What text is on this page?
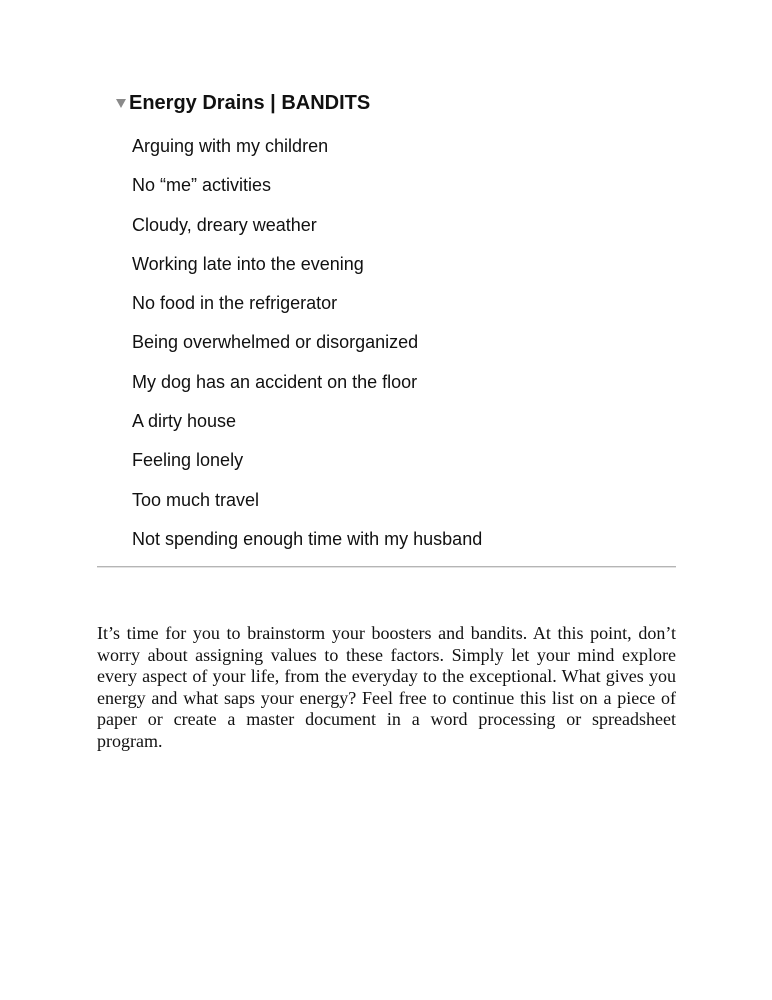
Energy Drains | BANDITS
Arguing with my children
No “me” activities
Cloudy, dreary weather
Working late into the evening
No food in the refrigerator
Being overwhelmed or disorganized
My dog has an accident on the floor
A dirty house
Feeling lonely
Too much travel
Not spending enough time with my husband

It’s time for you to brainstorm your boosters and bandits. At this point, don’t worry about assigning values to these factors. Simply let your mind explore every aspect of your life, from the everyday to the exceptional. What gives you energy and what saps your energy? Feel free to continue this list on a piece of paper or create a master document in a word processing or spreadsheet program.
